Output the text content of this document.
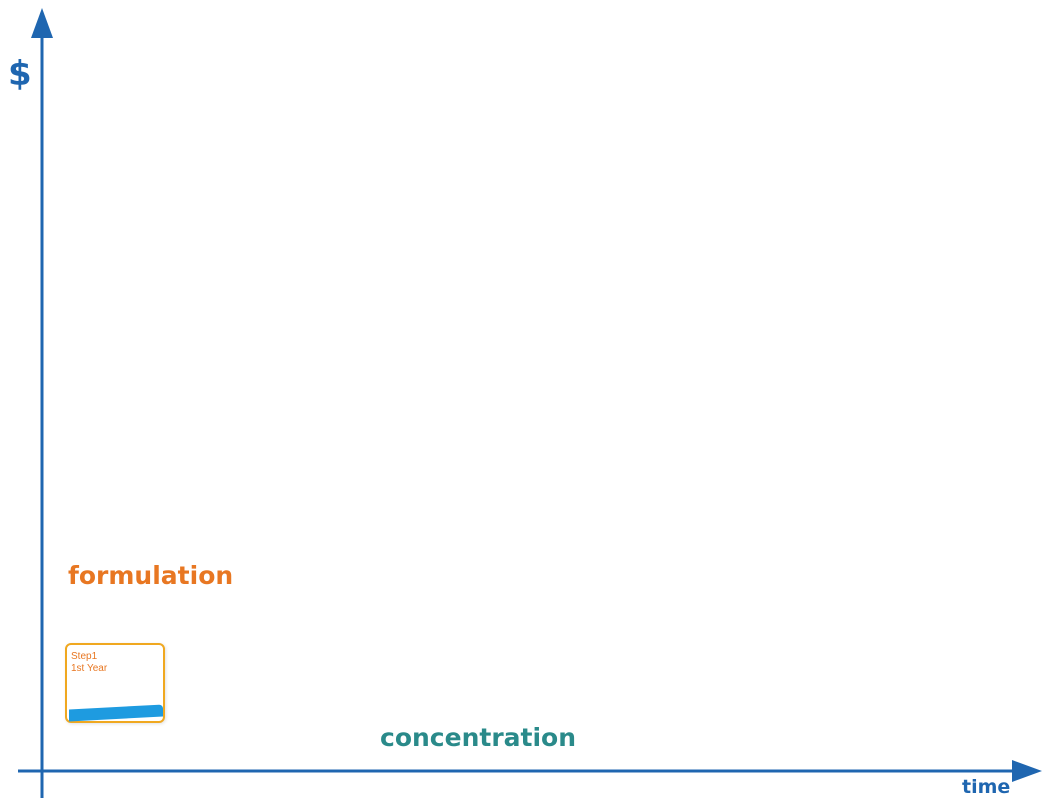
$
time
formulation
Step1
1st Year
concentration
